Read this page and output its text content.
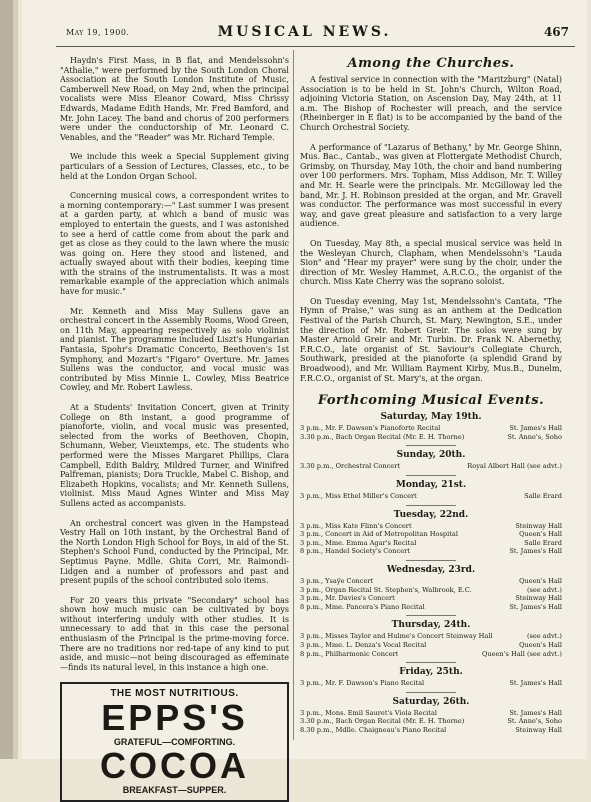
May 19, 1900.	MUSICAL NEWS.	467

Haydn's First Mass, in B flat, and Mendelssohn's "Athalie," were performed by the South London Choral Association at the South London Institute of Music, Camberwell New Road, on May 2nd, when the principal vocalists were Miss Eleanor Coward, Miss Chrissy Edwards, Madame Edith Hands, Mr. Fred Bamford, and Mr. John Lacey. The band and chorus of 200 performers were under the conductorship of Mr. Leonard C. Venables, and the "Reader" was Mr. Richard Temple.

We include this week a Special Supplement giving particulars of a Session of Lectures, Classes, etc., to be held at the London Organ School.

Concerning musical cows, a correspondent writes to a morning contemporary:—" Last summer I was present at a garden party, at which a band of music was employed to entertain the guests, and I was astonished to see a herd of cattle come from about the park and get as close as they could to the lawn where the music was going on. Here they stood and listened, and actually swayed about with their bodies, keeping time with the strains of the instrumentalists. It was a most remarkable example of the appreciation which animals have for music."

Mr. Kenneth and Miss May Sullens gave an orchestral concert in the Assembly Rooms, Wood Green, on 11th May, appearing respectively as solo violinist and pianist. The programme included Liszt's Hungarian Fantasia, Spohr's Dramatic Concerto, Beethoven's 1st Symphony, and Mozart's "Figaro" Overture. Mr. James Sullens was the conductor, and vocal music was contributed by Miss Minnie L. Cowley, Miss Beatrice Cowley, and Mr. Robert Lawless.

At a Students' Invitation Concert, given at Trinity College on 8th instant, a good programme of pianoforte, violin, and vocal music was presented, selected from the works of Beethoven, Chopin, Schumann, Weber, Vieuxtemps, etc. The students who performed were the Misses Margaret Phillips, Clara Campbell, Edith Baldry, Mildred Turner, and Winifred Palfreman, pianists; Dora Truckle, Mabel C. Bishop, and Elizabeth Hopkins, vocalists; and Mr. Kenneth Sullens, violinist. Miss Maud Agnes Winter and Miss May Sullens acted as accompanists.

An orchestral concert was given in the Hampstead Vestry Hall on 10th instant, by the Orchestral Band of the North London High School for Boys, in aid of the St. Stephen's School Fund, conducted by the Principal, Mr. Septimus Payne. Mdlle. Ghita Corri, Mr. Raimondi-Lidgen and a number of professors and past and present pupils of the school contributed solo items.

For 20 years this private "Secondary" school has shown how much music can be cultivated by boys without interfering unduly with other studies. It is unnecessary to add that in this case the personal enthusiasm of the Principal is the prime-moving force. There are no traditions nor red-tape of any kind to put aside, and music—not being discouraged as effeminate—finds its natural level, in this instance a high one.

THE MOST NUTRITIOUS.
EPPS'S
GRATEFUL—COMFORTING.
COCOA
BREAKFAST—SUPPER.
Among the Churches.

A festival service in connection with the "Maritzburg" (Natal) Association is to be held in St. John's Church, Wilton Road, adjoining Victoria Station, on Ascension Day, May 24th, at 11 a.m. The Bishop of Rochester will preach, and the service (Rheinberger in E flat) is to be accompanied by the band of the Church Orchestral Society.

A performance of "Lazarus of Bethany," by Mr. George Shinn, Mus. Bac., Cantab., was given at Flottergate Methodist Church, Grimsby, on Thursday, May 10th, the choir and band numbering over 100 performers. Mrs. Topham, Miss Addison, Mr. T. Willey and Mr. H. Searle were the principals. Mr. McGilloway led the band, Mr. J. H. Robinson presided at the organ, and Mr. Gravell was conductor. The performance was most successful in every way, and gave great pleasure and satisfaction to a very large audience.

On Tuesday, May 8th, a special musical service was held in the Wesleyan Church, Clapham, when Mendelssohn's "Lauda Sion" and "Hear my prayer" were sung by the choir, under the direction of Mr. Wesley Hammet, A.R.C.O., the organist of the church. Miss Kate Cherry was the soprano soloist.

On Tuesday evening, May 1st, Mendelssohn's Cantata, "The Hymn of Praise," was sung as an anthem at the Dedication Festival of the Parish Church, St. Mary, Newington, S.E., under the direction of Mr. Robert Greir. The solos were sung by Master Arnold Greir and Mr. Turbin. Dr. Frank N. Abernethy, F.R.C.O., late organist of St. Saviour's Collegiate Church, Southwark, presided at the pianoforte (a splendid Grand by Broadwood), and Mr. William Rayment Kirby, Mus.B., Dunelm, F.R.C.O., organist of St. Mary's, at the organ.

Forthcoming Musical Events.
Saturday, May 19th.
3 p.m., Mr. F. Dawson's Pianoforte Recital	St. James's Hall
3.30 p.m., Bach Organ Recital (Mr. E. H. Thorne)	St. Anne's, Soho
Sunday, 20th.
3.30 p.m., Orchestral Concert	Royal Albert Hall (see advt.)
Monday, 21st.
3 p.m., Miss Ethel Miller's Concert	Salle Erard
Tuesday, 22nd.
3 p.m., Miss Kate Flinn's Concert	Steinway Hall
3 p.m., Concert in Aid of Metropolitan Hospital	Queen's Hall
3 p.m., Mme. Emma Agar's Recital	Salle Erard
8 p.m., Handel Society's Concert	St. James's Hall
Wednesday, 23rd.
3 p.m., Ysaÿe Concert	Queen's Hall
3 p.m., Organ Recital St. Stephen's, Walbrook, E.C.	(see advt.)
3 p.m., Mr. Davies's Concert	Steinway Hall
8 p.m., Mme. Pancera's Piano Recital	St. James's Hall
Thursday, 24th.
3 p.m., Misses Taylor and Hulme's Concert Steinway Hall	(see advt.)
3 p.m., Mme. L. Denza's Vocal Recital	Queen's Hall
8 p.m., Philharmonic Concert	Queen's Hall (see advt.)
Friday, 25th.
3 p.m., Mr. F. Dawson's Piano Recital	St. James's Hall
Saturday, 26th.
3 p.m., Mons. Emil Sauret's Viola Recital	St. James's Hall
3.30 p.m., Bach Organ Recital (Mr. E. H. Thorne)	St. Anne's, Soho
8.30 p.m., Mdlle. Chaigneau's Piano Recital	Steinway Hall
